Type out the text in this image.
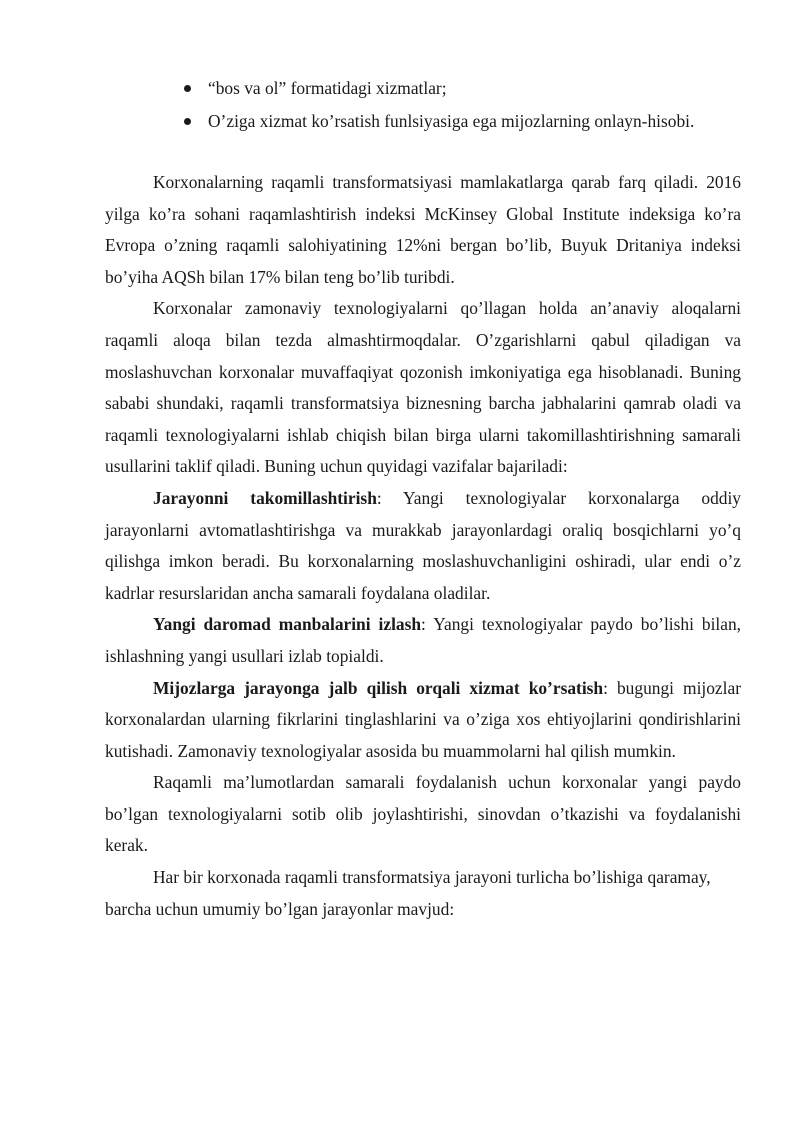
“bos va ol” formatidagi xizmatlar;
O’ziga xizmat ko’rsatish funlsiyasiga ega mijozlarning onlayn-hisobi.

Korxonalarning raqamli transformatsiyasi mamlakatlarga qarab farq qiladi. 2016 yilga ko’ra sohani raqamlashtirish indeksi McKinsey Global Institute indeksiga ko’ra Evropa o’zning raqamli salohiyatining 12%ni bergan bo’lib, Buyuk Dritaniya indeksi bo’yiha AQSh bilan 17% bilan teng bo’lib turibdi.

Korxonalar zamonaviy texnologiyalarni qo’llagan holda an’anaviy aloqalarni raqamli aloqa bilan tezda almashtirmoqdalar. O’zgarishlarni qabul qiladigan va moslashuvchan korxonalar muvaffaqiyat qozonish imkoniyatiga ega hisoblanadi. Buning sababi shundaki, raqamli transformatsiya biznesning barcha jabhalarini qamrab oladi va raqamli texnologiyalarni ishlab chiqish bilan birga ularni takomillashtirishning samarali usullarini taklif qiladi. Buning uchun quyidagi vazifalar bajariladi:

Jarayonni takomillashtirish: Yangi texnologiyalar korxonalarga oddiy jarayonlarni avtomatlashtirishga va murakkab jarayonlardagi oraliq bosqichlarni yo’q qilishga imkon beradi. Bu korxonalarning moslashuvchanligini oshiradi, ular endi o’z kadrlar resurslaridan ancha samarali foydalana oladilar.

Yangi daromad manbalarini izlash: Yangi texnologiyalar paydo bo’lishi bilan, ishlashning yangi usullari izlab topialdi.

Mijozlarga jarayonga jalb qilish orqali xizmat ko’rsatish: bugungi mijozlar korxonalardan ularning fikrlarini tinglashlarini va o’ziga xos ehtiyojlarini qondirishlarini kutishadi. Zamonaviy texnologiyalar asosida bu muammolarni hal qilish mumkin.

Raqamli ma’lumotlardan samarali foydalanish uchun korxonalar yangi paydo bo’lgan texnologiyalarni sotib olib joylashtirishi, sinovdan o’tkazishi va foydalanishi kerak.

Har bir korxonada raqamli transformatsiya jarayoni turlicha bo’lishiga qaramay, barcha uchun umumiy bo’lgan jarayonlar mavjud:
